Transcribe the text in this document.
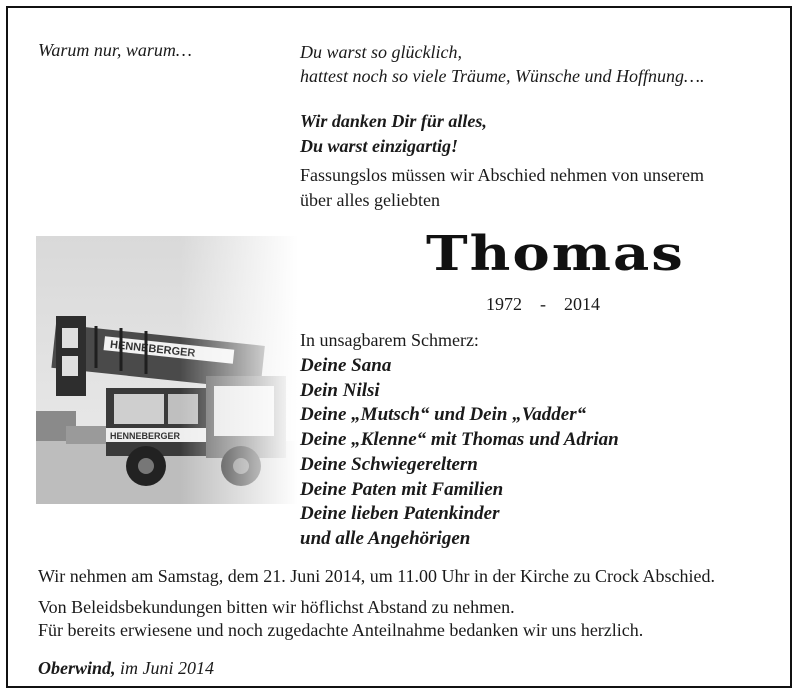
Warum nur, warum…	Du warst so glücklich,
hattest noch so viele Träume, Wünsche und Hoffnung….
Wir danken Dir für alles,
Du warst einzigartig!
Fassungslos müssen wir Abschied nehmen von unserem
über alles geliebten
Thomas
1972 - 2014
In unsagbarem Schmerz:
Deine Sana
Dein Nilsi
Deine „Mutsch“ und Dein „Vadder“
Deine „Klenne“ mit Thomas und Adrian
Deine Schwiegereltern
Deine Paten mit Familien
Deine lieben Patenkinder
und alle Angehörigen
Wir nehmen am Samstag, dem 21. Juni 2014, um 11.00 Uhr in der Kirche zu Crock Abschied.
Von Beleidsbekundungen bitten wir höflichst Abstand zu nehmen.
Für bereits erwiesene und noch zugedachte Anteilnahme bedanken wir uns herzlich.
Oberwind, im Juni 2014
